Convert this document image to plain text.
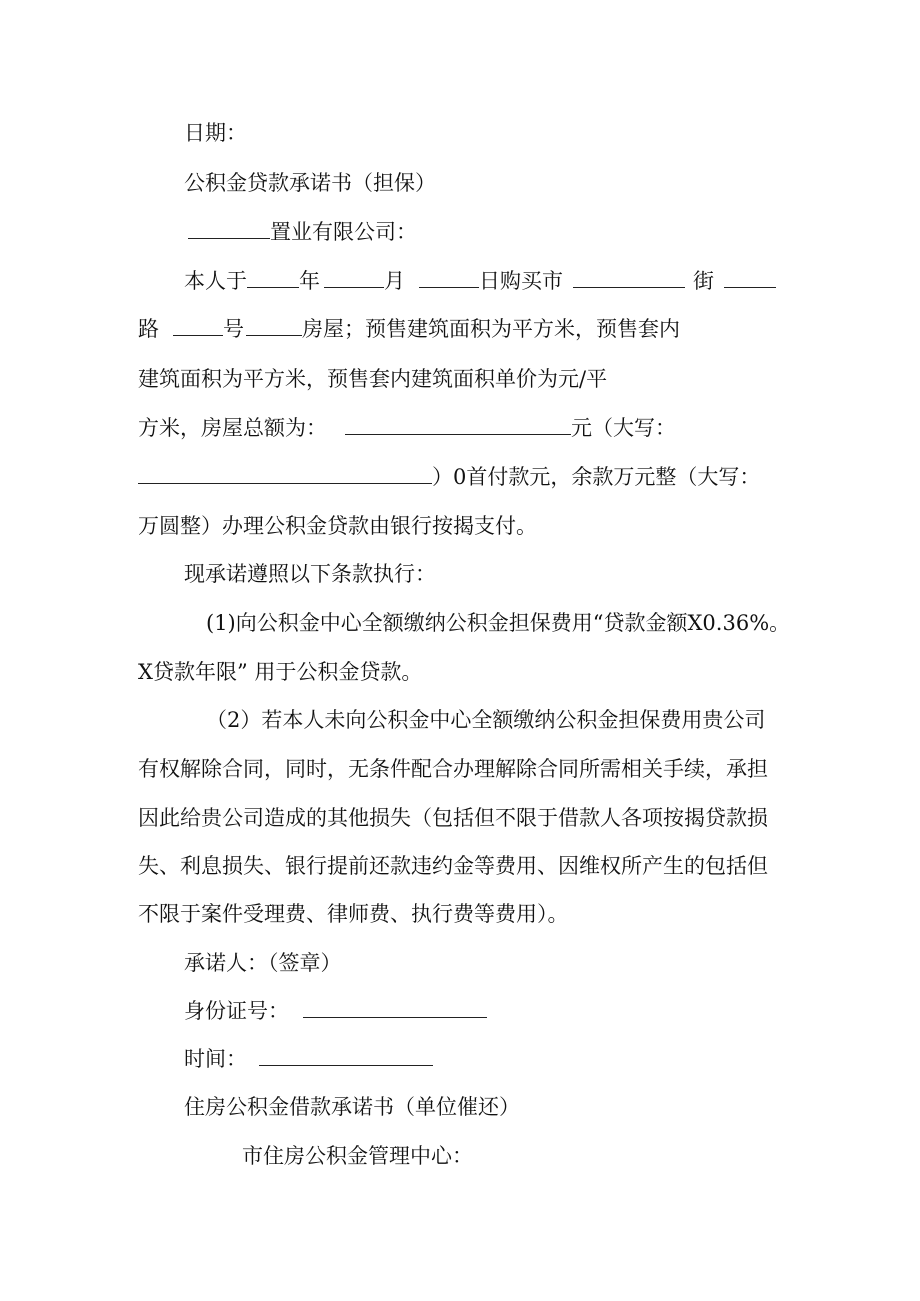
日期：
公积金贷款承诺书（担保）
置业有限公司：
本人于 年	月	日购买市	街
路	号	房屋；预售建筑面积为平方米，预售套内
建筑面积为平方米，预售套内建筑面积单价为元/平
方米，房屋总额为：	元（大写：
）0首付款元，余款万元整（大写：
万圆整）办理公积金贷款由银行按揭支付。
现承诺遵照以下条款执行：
(1)向公积金中心全额缴纳公积金担保费用“贷款金额X0.36%。
X贷款年限” 用于公积金贷款。
（2）若本人未向公积金中心全额缴纳公积金担保费用贵公司
有权解除合同，同时，无条件配合办理解除合同所需相关手续，承担
因此给贵公司造成的其他损失（包括但不限于借款人各项按揭贷款损
失、利息损失、银行提前还款违约金等费用、因维权所产生的包括但
不限于案件受理费、律师费、执行费等费用）。
承诺人：（签章）
身份证号：
时间：
住房公积金借款承诺书（单位催还）
市住房公积金管理中心：
